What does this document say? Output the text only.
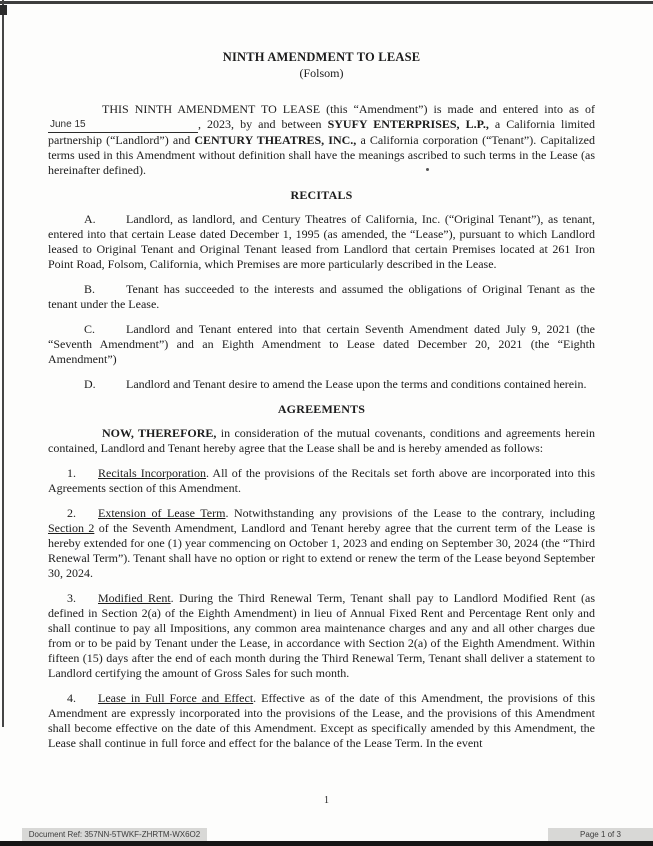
NINTH AMENDMENT TO LEASE
(Folsom)

THIS NINTH AMENDMENT TO LEASE (this “Amendment”) is made and entered into as of June 15	, 2023, by and between SYUFY ENTERPRISES, L.P., a California limited partnership (“Landlord”) and CENTURY THEATRES, INC., a California corporation (“Tenant”). Capitalized terms used in this Amendment without definition shall have the meanings ascribed to such terms in the Lease (as hereinafter defined).

RECITALS

A.	Landlord, as landlord, and Century Theatres of California, Inc. (“Original Tenant”), as tenant, entered into that certain Lease dated December 1, 1995 (as amended, the “Lease”), pursuant to which Landlord leased to Original Tenant and Original Tenant leased from Landlord that certain Premises located at 261 Iron Point Road, Folsom, California, which Premises are more particularly described in the Lease.

B.	Tenant has succeeded to the interests and assumed the obligations of Original Tenant as the tenant under the Lease.

C.	Landlord and Tenant entered into that certain Seventh Amendment dated July 9, 2021 (the “Seventh Amendment”) and an Eighth Amendment to Lease dated December 20, 2021 (the “Eighth Amendment”)

D.	Landlord and Tenant desire to amend the Lease upon the terms and conditions contained herein.

AGREEMENTS

NOW, THEREFORE, in consideration of the mutual covenants, conditions and agreements herein contained, Landlord and Tenant hereby agree that the Lease shall be and is hereby amended as follows:

1. Recitals Incorporation. All of the provisions of the Recitals set forth above are incorporated into this Agreements section of this Amendment.

2. Extension of Lease Term. Notwithstanding any provisions of the Lease to the contrary, including Section 2 of the Seventh Amendment, Landlord and Tenant hereby agree that the current term of the Lease is hereby extended for one (1) year commencing on October 1, 2023 and ending on September 30, 2024 (the “Third Renewal Term”). Tenant shall have no option or right to extend or renew the term of the Lease beyond September 30, 2024.

3. Modified Rent. During the Third Renewal Term, Tenant shall pay to Landlord Modified Rent (as defined in Section 2(a) of the Eighth Amendment) in lieu of Annual Fixed Rent and Percentage Rent only and shall continue to pay all Impositions, any common area maintenance charges and any and all other charges due from or to be paid by Tenant under the Lease, in accordance with Section 2(a) of the Eighth Amendment. Within fifteen (15) days after the end of each month during the Third Renewal Term, Tenant shall deliver a statement to Landlord certifying the amount of Gross Sales for such month.

4. Lease in Full Force and Effect. Effective as of the date of this Amendment, the provisions of this Amendment are expressly incorporated into the provisions of the Lease, and the provisions of this Amendment shall become effective on the date of this Amendment. Except as specifically amended by this Amendment, the Lease shall continue in full force and effect for the balance of the Lease Term. In the event

1
Document Ref: 357NN-5TWKF-ZHRTM-WX6O2	Page 1 of 3
